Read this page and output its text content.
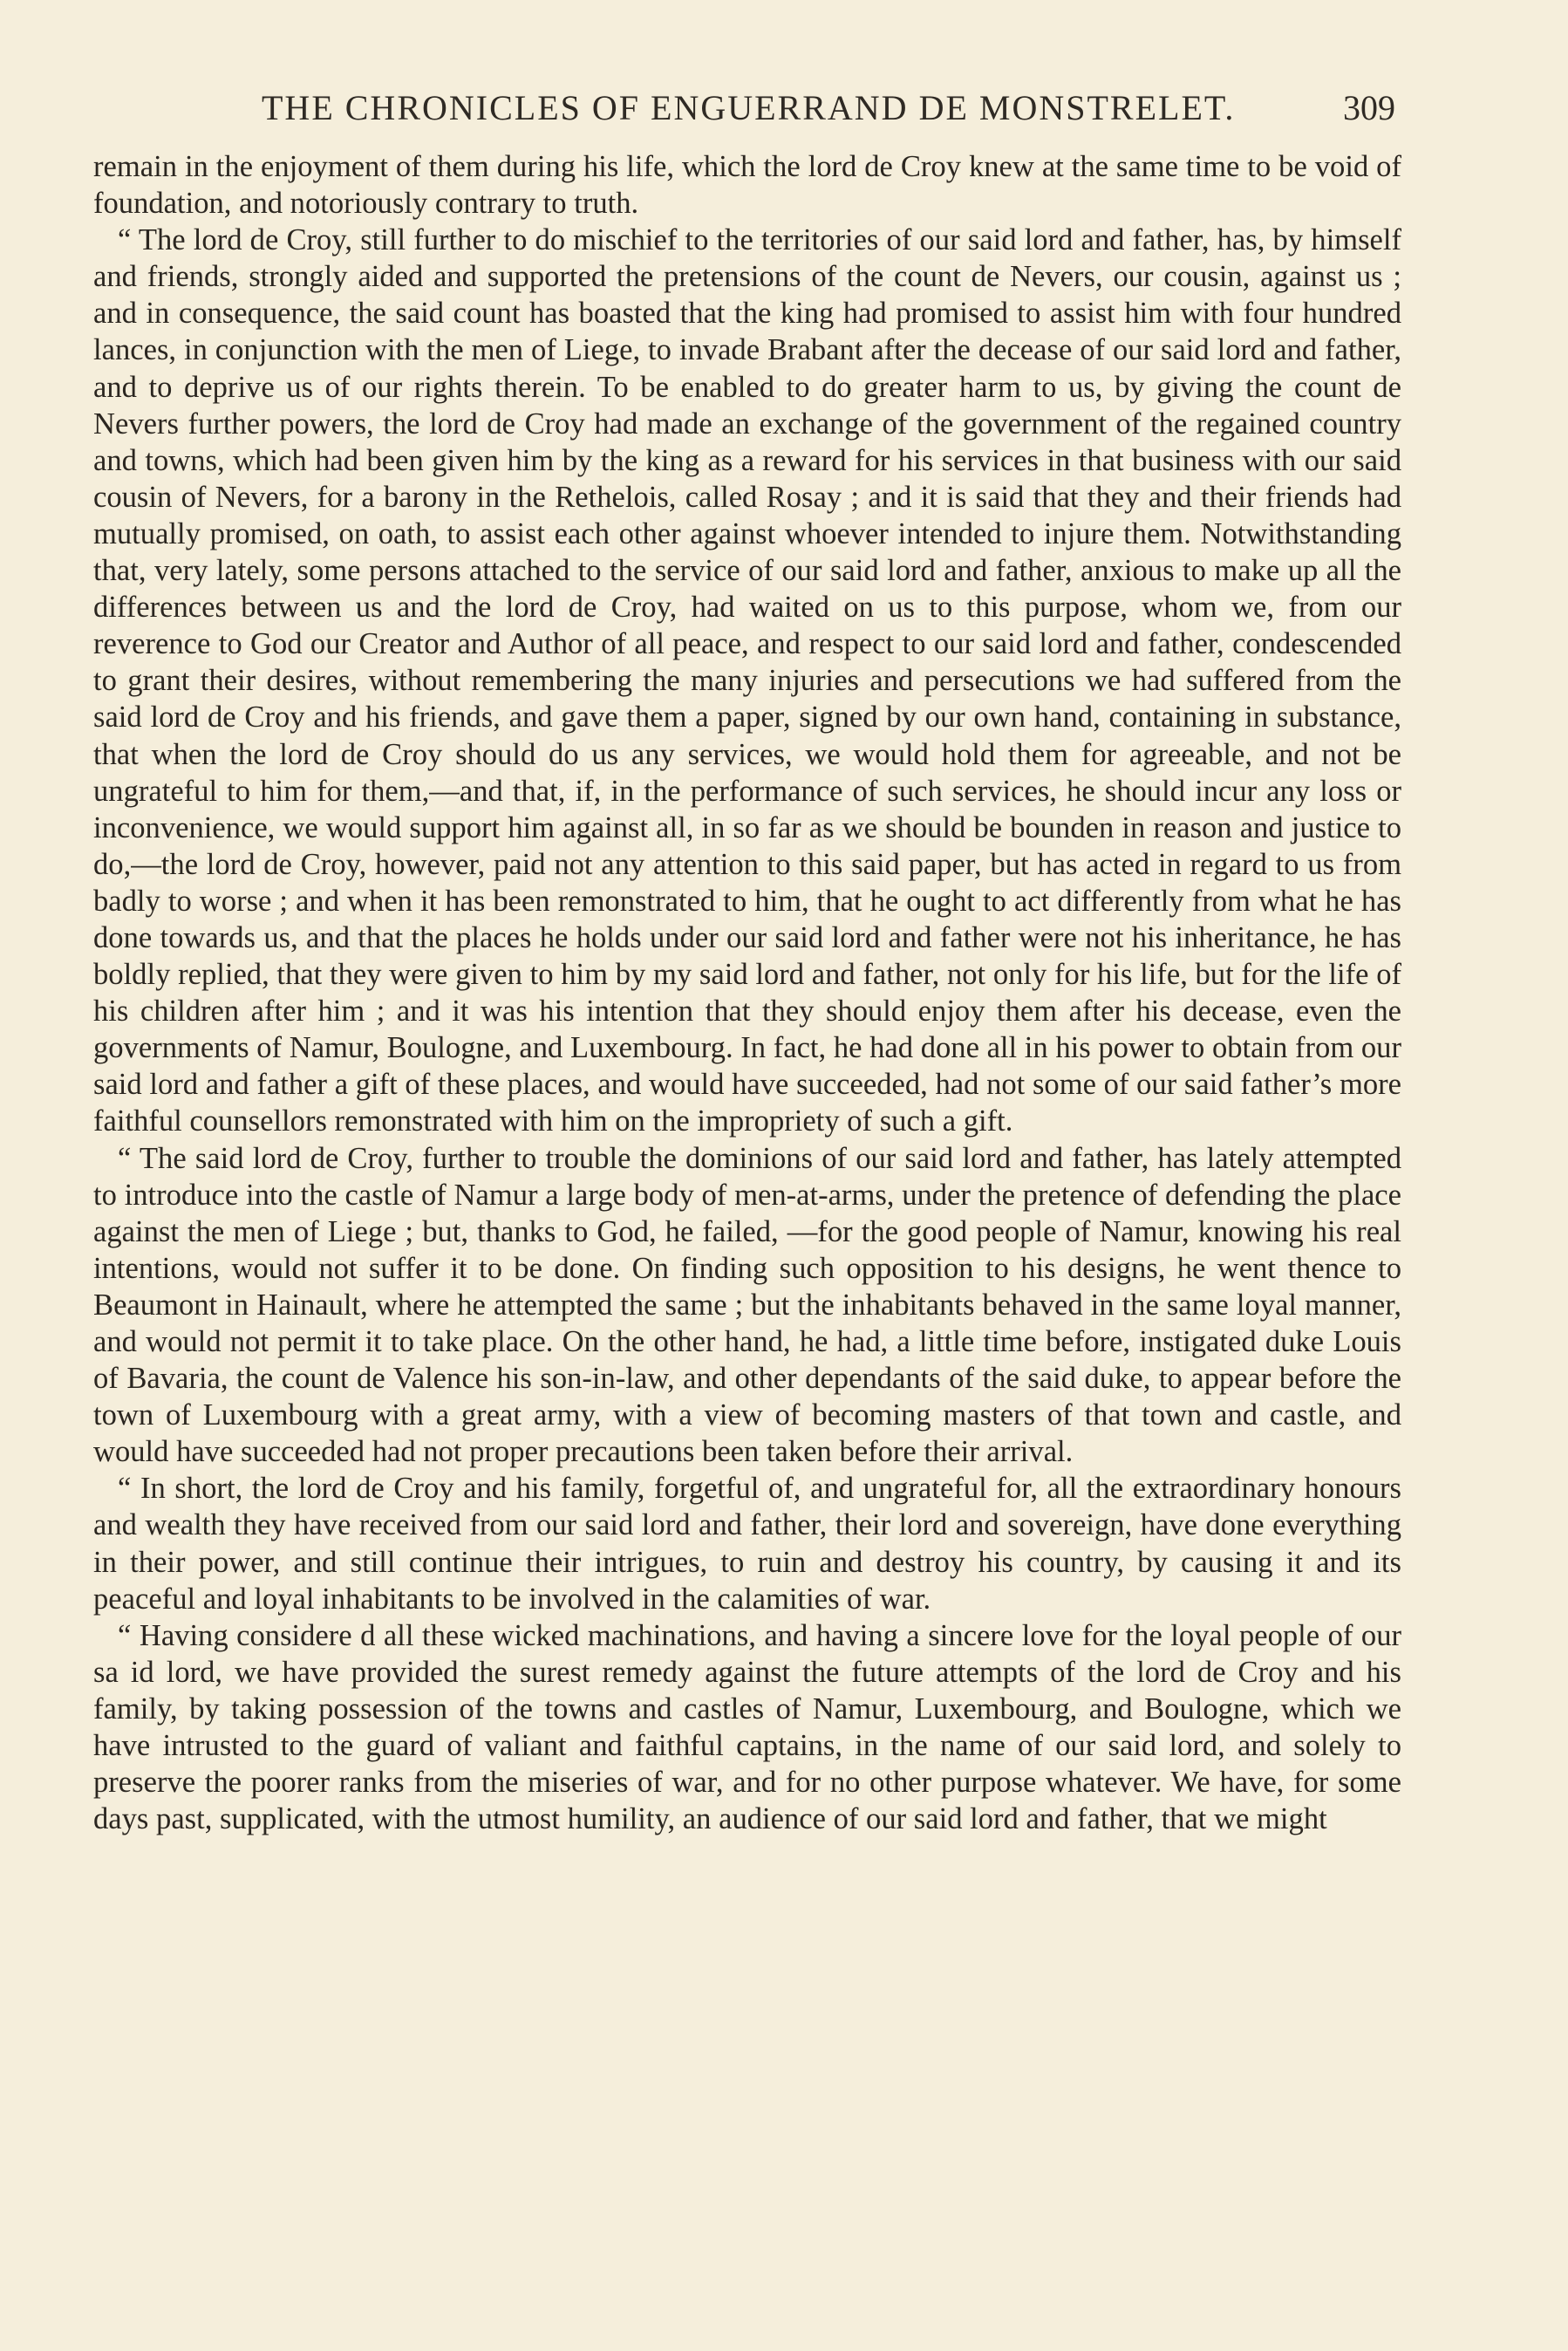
THE CHRONICLES OF ENGUERRAND DE MONSTRELET.	309

remain in the enjoyment of them during his life, which the lord de Croy knew at the same time to be void of foundation, and notoriously contrary to truth.

“ The lord de Croy, still further to do mischief to the territories of our said lord and father, has, by himself and friends, strongly aided and supported the pretensions of the count de Nevers, our cousin, against us ; and in consequence, the said count has boasted that the king had promised to assist him with four hundred lances, in conjunction with the men of Liege, to invade Brabant after the decease of our said lord and father, and to deprive us of our rights therein. To be enabled to do greater harm to us, by giving the count de Nevers further powers, the lord de Croy had made an exchange of the government of the regained country and towns, which had been given him by the king as a reward for his services in that business with our said cousin of Nevers, for a barony in the Rethelois, called Rosay ; and it is said that they and their friends had mutually promised, on oath, to assist each other against whoever intended to injure them. Notwithstanding that, very lately, some persons attached to the service of our said lord and father, anxious to make up all the differences between us and the lord de Croy, had waited on us to this purpose, whom we, from our reverence to God our Creator and Author of all peace, and respect to our said lord and father, condescended to grant their desires, without remembering the many injuries and persecutions we had suffered from the said lord de Croy and his friends, and gave them a paper, signed by our own hand, containing in substance, that when the lord de Croy should do us any services, we would hold them for agreeable, and not be ungrateful to him for them,—and that, if, in the performance of such services, he should incur any loss or inconvenience, we would support him against all, in so far as we should be bounden in reason and justice to do,—the lord de Croy, however, paid not any attention to this said paper, but has acted in regard to us from badly to worse ; and when it has been remonstrated to him, that he ought to act differently from what he has done towards us, and that the places he holds under our said lord and father were not his inheritance, he has boldly replied, that they were given to him by my said lord and father, not only for his life, but for the life of his children after him ; and it was his intention that they should enjoy them after his decease, even the governments of Namur, Boulogne, and Luxembourg. In fact, he had done all in his power to obtain from our said lord and father a gift of these places, and would have succeeded, had not some of our said father’s more faithful counsellors remonstrated with him on the impropriety of such a gift.

“ The said lord de Croy, further to trouble the dominions of our said lord and father, has lately attempted to introduce into the castle of Namur a large body of men-at-arms, under the pretence of defending the place against the men of Liege ; but, thanks to God, he failed, —for the good people of Namur, knowing his real intentions, would not suffer it to be done. On finding such opposition to his designs, he went thence to Beaumont in Hainault, where he attempted the same ; but the inhabitants behaved in the same loyal manner, and would not permit it to take place. On the other hand, he had, a little time before, instigated duke Louis of Bavaria, the count de Valence his son-in-law, and other dependants of the said duke, to appear before the town of Luxembourg with a great army, with a view of becoming masters of that town and castle, and would have succeeded had not proper precautions been taken before their arrival.

“ In short, the lord de Croy and his family, forgetful of, and ungrateful for, all the extraordinary honours and wealth they have received from our said lord and father, their lord and sovereign, have done everything in their power, and still continue their intrigues, to ruin and destroy his country, by causing it and its peaceful and loyal inhabitants to be involved in the calamities of war.

“ Having considere d all these wicked machinations, and having a sincere love for the loyal people of our sa id lord, we have provided the surest remedy against the future attempts of the lord de Croy and his family, by taking possession of the towns and castles of Namur, Luxembourg, and Boulogne, which we have intrusted to the guard of valiant and faithful captains, in the name of our said lord, and solely to preserve the poorer ranks from the miseries of war, and for no other purpose whatever. We have, for some days past, supplicated, with the utmost humility, an audience of our said lord and father, that we might
